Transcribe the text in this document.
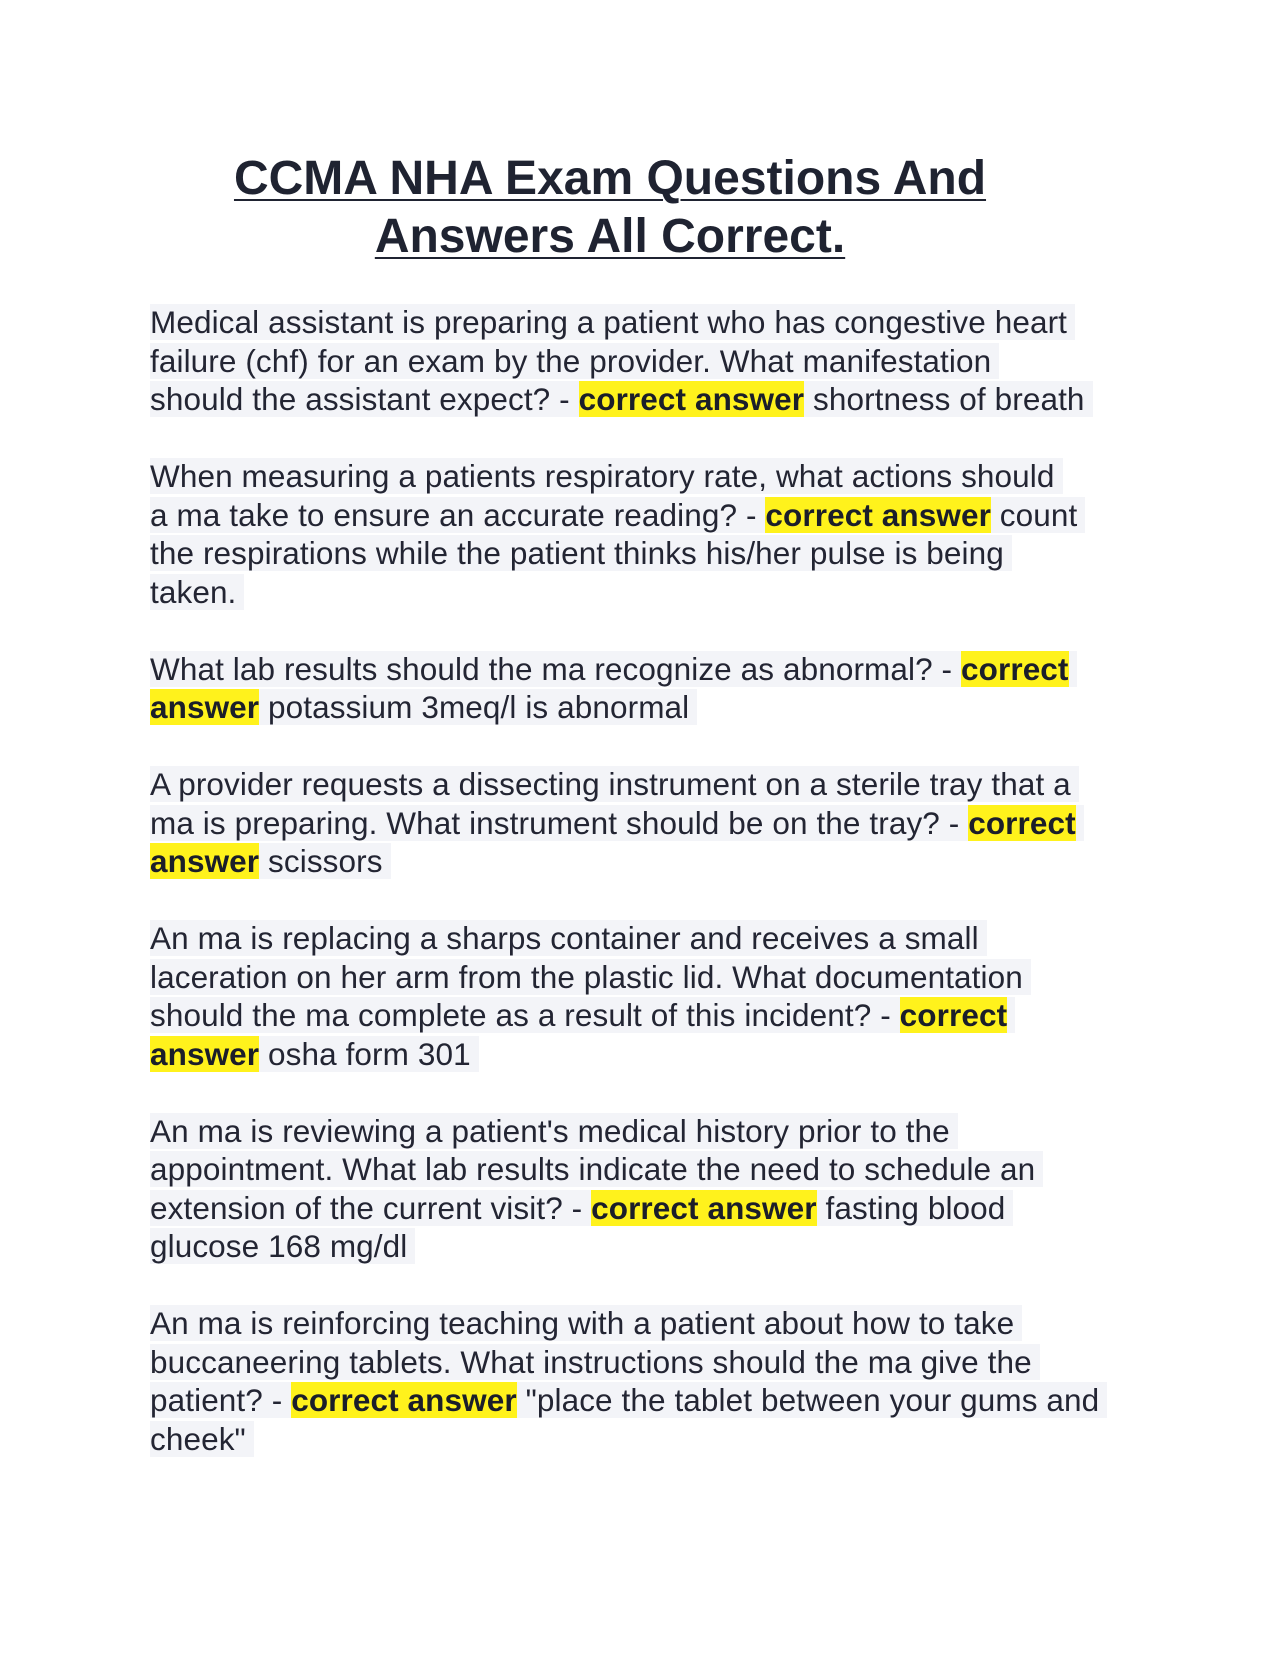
CCMA NHA Exam Questions And
Answers All Correct.

Medical assistant is preparing a patient who has congestive heart
failure (chf) for an exam by the provider. What manifestation
should the assistant expect? - correct answer shortness of breath

When measuring a patients respiratory rate, what actions should
a ma take to ensure an accurate reading? - correct answer count
the respirations while the patient thinks his/her pulse is being
taken.

What lab results should the ma recognize as abnormal? - correct
answer potassium 3meq/l is abnormal

A provider requests a dissecting instrument on a sterile tray that a
ma is preparing. What instrument should be on the tray? - correct
answer scissors

An ma is replacing a sharps container and receives a small
laceration on her arm from the plastic lid. What documentation
should the ma complete as a result of this incident? - correct
answer osha form 301

An ma is reviewing a patient's medical history prior to the
appointment. What lab results indicate the need to schedule an
extension of the current visit? - correct answer fasting blood
glucose 168 mg/dl

An ma is reinforcing teaching with a patient about how to take
buccaneering tablets. What instructions should the ma give the
patient? - correct answer "place the tablet between your gums and
cheek"
